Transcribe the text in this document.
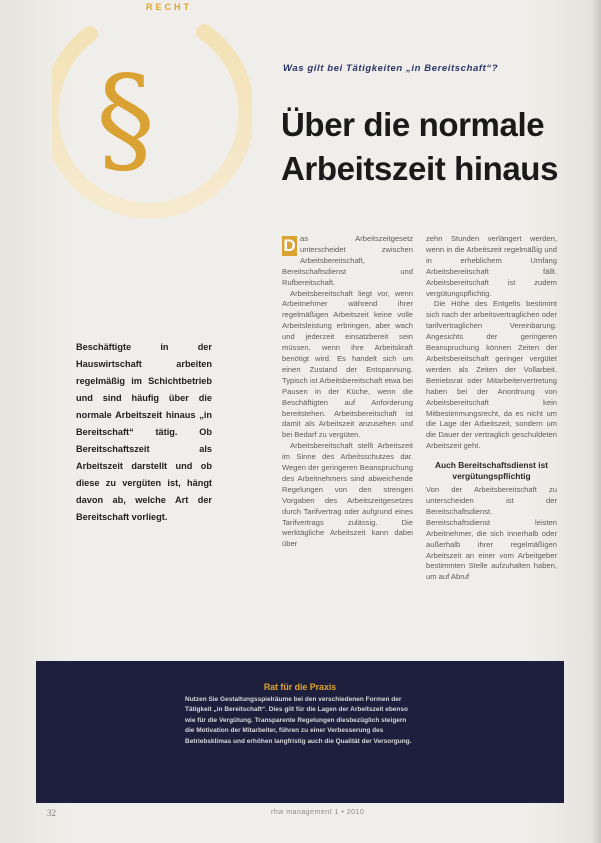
RECHT
§	Was gilt bei Tätigkeiten „in Bereitschaft“?
Über die normale
Arbeitszeit hinaus
Beschäftigte in der Hauswirtschaft arbeiten regelmäßig im Schichtbetrieb und sind häufig über die normale Arbeitszeit hinaus „in Bereitschaft“ tätig. Ob Bereitschaftszeit als Arbeitszeit darstellt und ob diese zu vergüten ist, hängt davon ab, welche Art der Bereitschaft vorliegt.

D as Arbeitszeitgesetz unterscheidet zwischen Arbeitsbereitschaft, Bereitschaftsdienst und Rufbereitschaft.

Arbeitsbereitschaft liegt vor, wenn Arbeitnehmer während ihrer regelmäßigen Arbeitszeit keine volle Arbeitsleistung erbringen, aber wach und jederzeit einsatzbereit sein müssen, wenn ihre Arbeitskraft benötigt wird. Es handelt sich um einen Zustand der Entspannung. Typisch ist Arbeitsbereitschaft etwa bei Pausen in der Küche, wenn die Beschäftigten auf Anforderung bereitstehen. Arbeitsbereitschaft ist damit als Arbeitszeit anzusehen und bei Bedarf zu vergüten.

Arbeitsbereitschaft stellt Arbeitszeit im Sinne des Arbeitsschutzes dar. Wegen der geringeren Beanspruchung des Arbeitnehmers sind abweichende Regelungen von den strengen Vorgaben des Arbeitszeitgesetzes durch Tarifvertrag oder aufgrund eines Tarifvertrags zulässig. Die werktägliche Arbeitszeit kann dabei über

zehn Stunden verlängert werden, wenn in die Arbeitszeit regelmäßig und in erheblichem Umfang Arbeitsbereitschaft fällt. Arbeitsbereitschaft ist zudem vergütungspflichtig.

Die Höhe des Entgelts bestimmt sich nach der arbeitsvertraglichen oder tarifvertraglichen Vereinbarung. Angesichts der geringeren Beanspruchung können Zeiten der Arbeitsbereitschaft geringer vergütet werden als Zeiten der Vollarbeit. Betriebsrat oder Mitarbeitervertretung haben bei der Anordnung von Arbeitsbereitschaft kein Mitbestimmungsrecht, da es nicht um die Lage der Arbeitszeit, sondern um die Dauer der vertraglich geschuldeten Arbeitszeit geht.

Auch Bereitschaftsdienst ist vergütungspflichtig

Von der Arbeitsbereitschaft zu unterscheiden ist der Bereitschaftsdienst. Bereitschaftsdienst leisten Arbeitnehmer, die sich innerhalb oder außerhalb ihrer regelmäßigen Arbeitszeit an einer vom Arbeitgeber bestimmten Stelle aufzuhalten haben, um auf Abruf

Rat für die Praxis
Nutzen Sie Gestaltungsspielräume bei den verschiedenen Formen der Tätigkeit „in Bereitschaft“. Dies gilt für die Lagen der Arbeitszeit ebenso wie für die Vergütung. Transparente Regelungen diesbezüglich steigern die Motivation der Mitarbeiter, führen zu einer Verbesserung des Betriebsklimas und erhöhen langfristig auch die Qualität der Versorgung.
32	rhw management 1 • 2010
